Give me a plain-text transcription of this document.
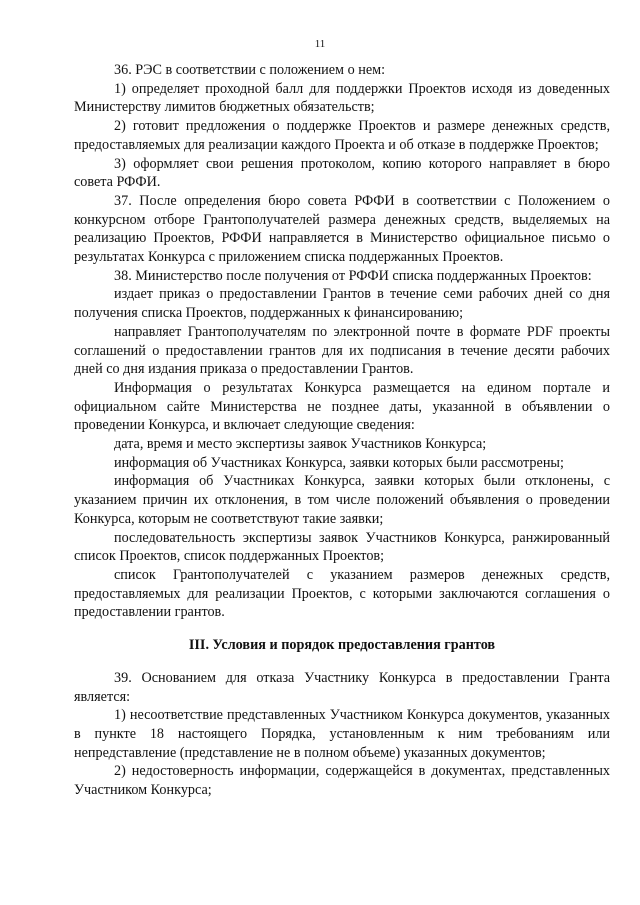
11

36. РЭС в соответствии с положением о нем:

1) определяет проходной балл для поддержки Проектов исходя из доведенных Министерству лимитов бюджетных обязательств;

2) готовит предложения о поддержке Проектов и размере денежных средств, предоставляемых для реализации каждого Проекта и об отказе в поддержке Проектов;

3) оформляет свои решения протоколом, копию которого направляет в бюро совета РФФИ.

37. После определения бюро совета РФФИ в соответствии с Положением о конкурсном отборе Грантополучателей размера денежных средств, выделяемых на реализацию Проектов, РФФИ направляется в Министерство официальное письмо о результатах Конкурса с приложением списка поддержанных Проектов.

38. Министерство после получения от РФФИ списка поддержанных Проектов:

издает приказ о предоставлении Грантов в течение семи рабочих дней со дня получения списка Проектов, поддержанных к финансированию;

направляет Грантополучателям по электронной почте в формате PDF проекты соглашений о предоставлении грантов для их подписания в течение десяти рабочих дней со дня издания приказа о предоставлении Грантов.

Информация о результатах Конкурса размещается на едином портале и официальном сайте Министерства не позднее даты, указанной в объявлении о проведении Конкурса, и включает следующие сведения:

дата, время и место экспертизы заявок Участников Конкурса;

информация об Участниках Конкурса, заявки которых были рассмотрены;

информация об Участниках Конкурса, заявки которых были отклонены, с указанием причин их отклонения, в том числе положений объявления о проведении Конкурса, которым не соответствуют такие заявки;

последовательность экспертизы заявок Участников Конкурса, ранжированный список Проектов, список поддержанных Проектов;

список Грантополучателей с указанием размеров денежных средств, предоставляемых для реализации Проектов, с которыми заключаются соглашения о предоставлении грантов.

III. Условия и порядок предоставления грантов

39. Основанием для отказа Участнику Конкурса в предоставлении Гранта является:

1) несоответствие представленных Участником Конкурса документов, указанных в пункте 18 настоящего Порядка, установленным к ним требованиям или непредставление (представление не в полном объеме) указанных документов;

2) недостоверность информации, содержащейся в документах, представленных Участником Конкурса;
